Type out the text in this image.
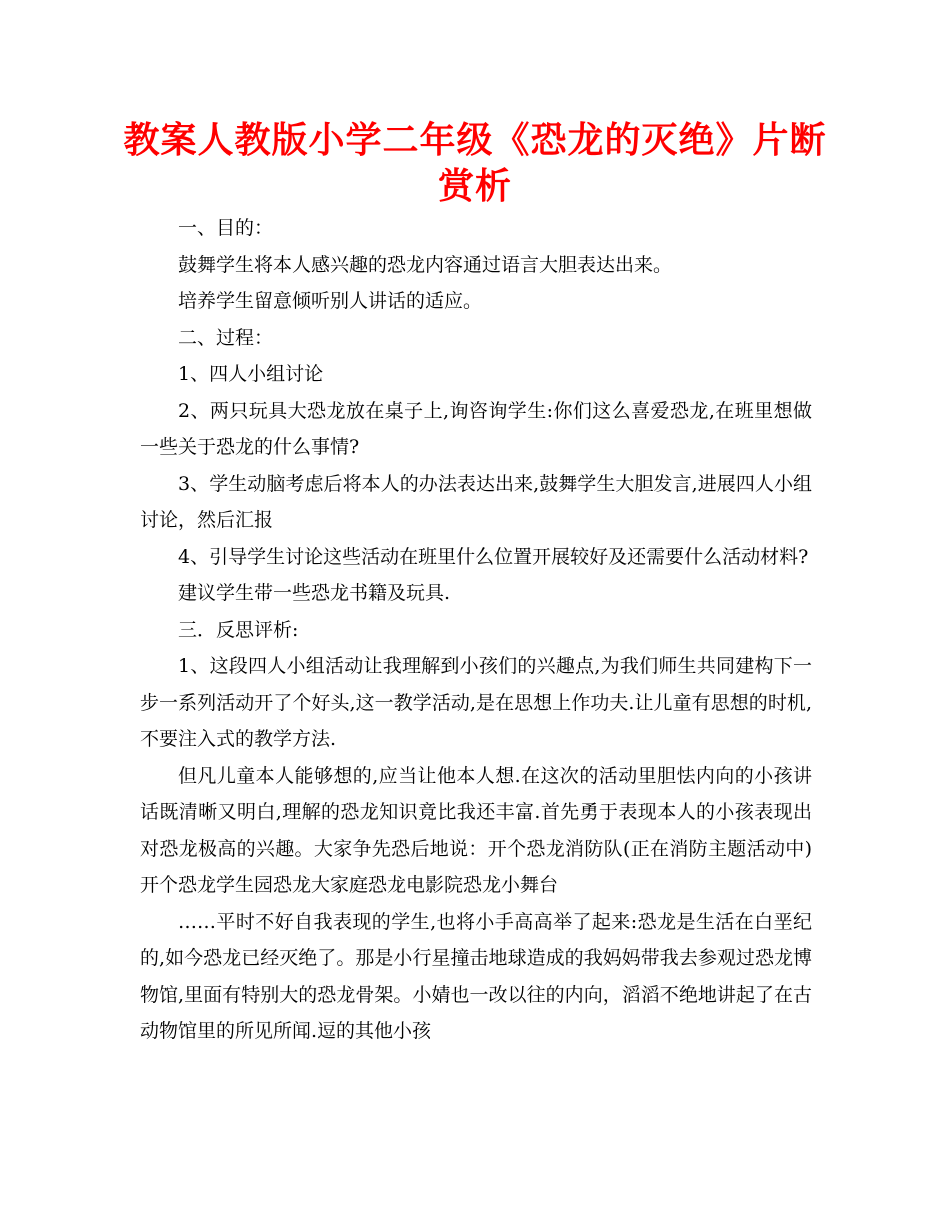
教案人教版小学二年级《恐龙的灭绝》片断赏析

一、目的：

鼓舞学生将本人感兴趣的恐龙内容通过语言大胆表达出来。

培养学生留意倾听别人讲话的适应。

二、过程：

1、四人小组讨论

2、两只玩具大恐龙放在桌子上,询咨询学生:你们这么喜爱恐龙,在班里想做一些关于恐龙的什么事情?

3、学生动脑考虑后将本人的办法表达出来,鼓舞学生大胆发言,进展四人小组讨论，然后汇报

4、引导学生讨论这些活动在班里什么位置开展较好及还需要什么活动材料?

建议学生带一些恐龙书籍及玩具.

三．反思评析:

1、这段四人小组活动让我理解到小孩们的兴趣点,为我们师生共同建构下一步一系列活动开了个好头,这一教学活动,是在思想上作功夫.让儿童有思想的时机,不要注入式的教学方法.

但凡儿童本人能够想的,应当让他本人想.在这次的活动里胆怯内向的小孩讲话既清晰又明白,理解的恐龙知识竟比我还丰富.首先勇于表现本人的小孩表现出对恐龙极高的兴趣。大家争先恐后地说：开个恐龙消防队(正在消防主题活动中)开个恐龙学生园恐龙大家庭恐龙电影院恐龙小舞台

……平时不好自我表现的学生,也将小手高高举了起来:恐龙是生活在白垩纪的,如今恐龙已经灭绝了。那是小行星撞击地球造成的我妈妈带我去参观过恐龙博物馆,里面有特别大的恐龙骨架。小婧也一改以往的内向，滔滔不绝地讲起了在古动物馆里的所见所闻.逗的其他小孩
